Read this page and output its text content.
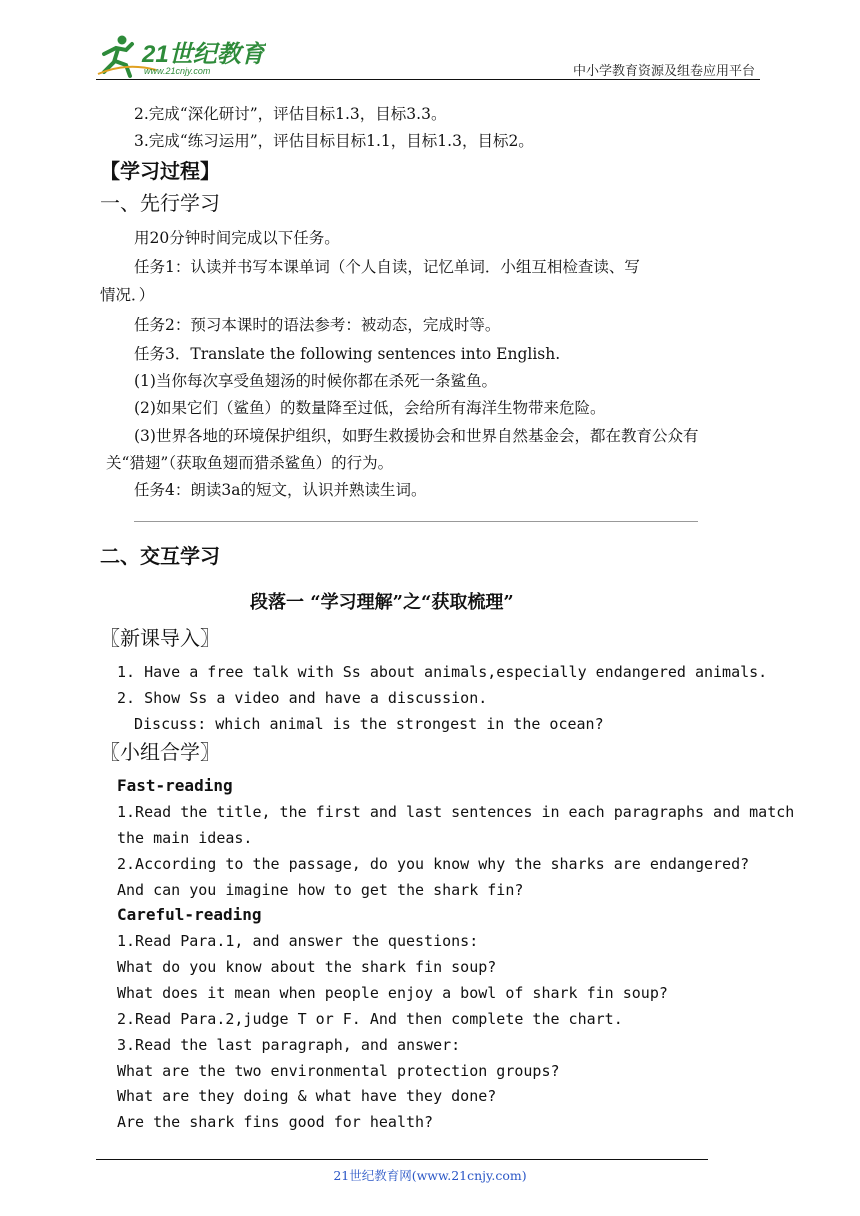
21世纪教育
www.21cnjy.com	中小学教育资源及组卷应用平台
2.完成“深化研讨”，评估目标1.3，目标3.3。
3.完成“练习运用”，评估目标目标1.1，目标1.3，目标2。
【学习过程】
一、先行学习
用20分钟时间完成以下任务。
任务1：认读并书写本课单词（个人自读，记忆单词．小组互相检查读、写
情况．）
任务2：预习本课时的语法参考：被动态，完成时等。
任务3．Translate the following sentences into English.
(1)当你每次享受鱼翅汤的时候你都在杀死一条鲨鱼。
(2)如果它们（鲨鱼）的数量降至过低，会给所有海洋生物带来危险。
(3)世界各地的环境保护组织，如野生救援协会和世界自然基金会，都在教育公众有
关“猎翅”（获取鱼翅而猎杀鲨鱼）的行为。
任务4：朗读3a的短文，认识并熟读生词。
二、交互学习
段落一 “学习理解”之“获取梳理”
〖新课导入〗
1. Have a free talk with Ss about animals,especially endangered animals.
2. Show Ss a video and have a discussion.
Discuss: which animal is the strongest in the ocean?
〖小组合学〗
Fast-reading
1.Read the title, the first and last sentences in each paragraphs and match
the main ideas.
2.According to the passage, do you know why the sharks are endangered?
And can you imagine how to get the shark fin?
Careful-reading
1.Read Para.1, and answer the questions:
What do you know about the shark fin soup?
What does it mean when people enjoy a bowl of shark fin soup?
2.Read Para.2,judge T or F. And then complete the chart.
3.Read the last paragraph, and answer:
What are the two environmental protection groups?
What are they doing & what have they done?
Are the shark fins good for health?
21世纪教育网(www.21cnjy.com)
